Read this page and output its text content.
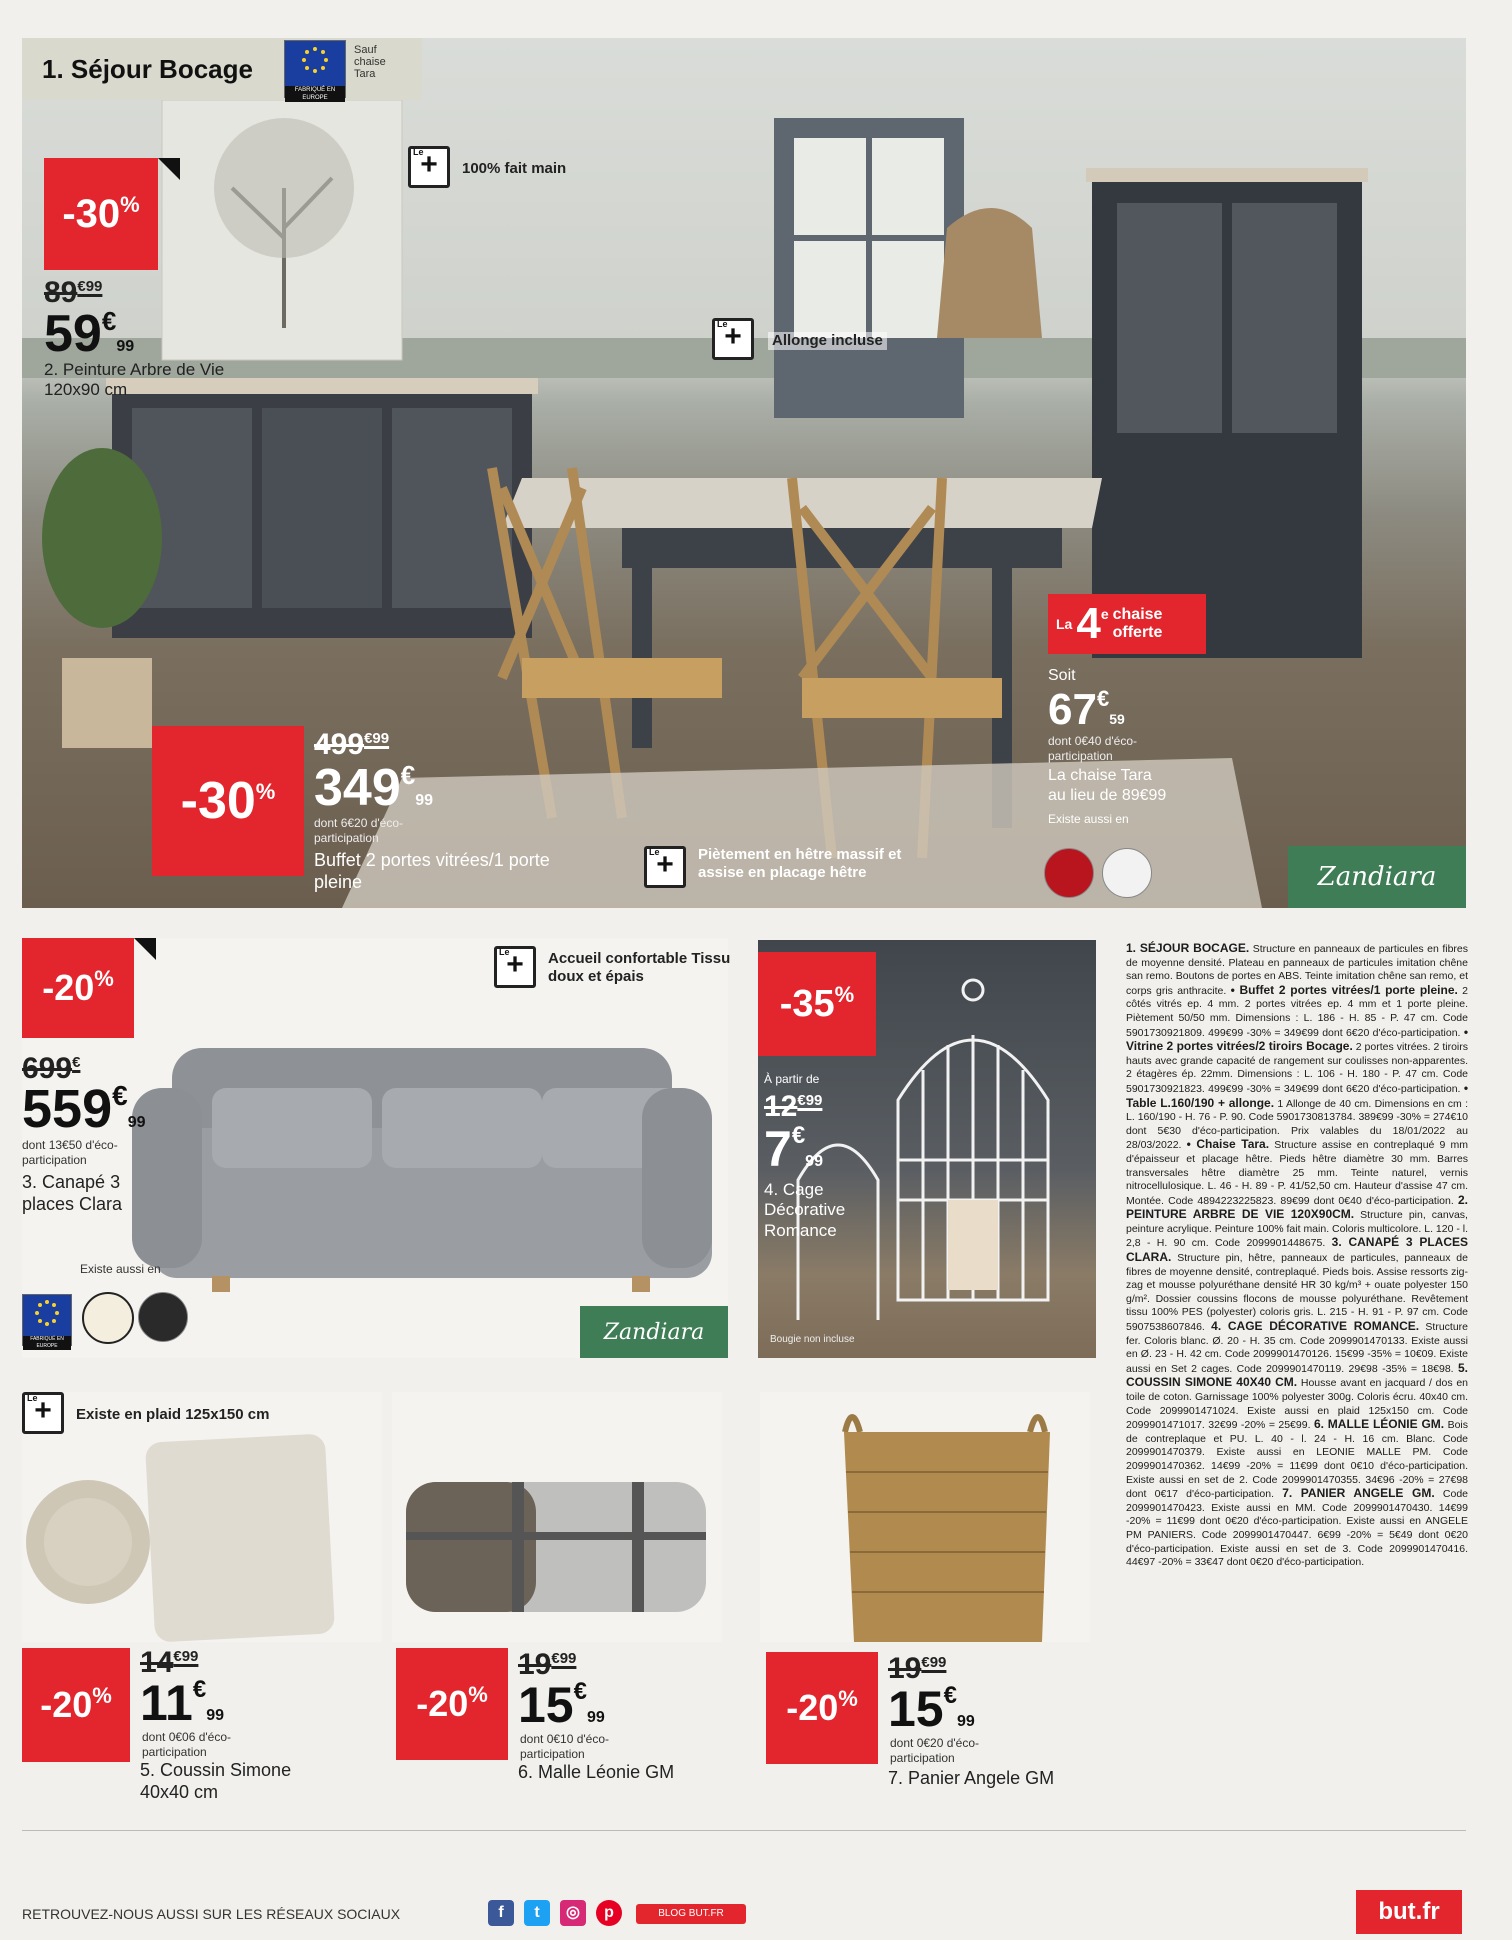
1. Séjour Bocage
FABRIQUÉ EN EUROPE
Sauf chaise Tara
-30 %
$89^{€99}$
59€99
2. Peinture Arbre de Vie 120x90 cm
Le
+	100% fait main
Le
+	Allonge incluse
Le
+	Piètement en hêtre massif et assise en placage hêtre
-30 %
$499^{€99}$
349€99
dont 6€20 d'éco-participation
Buffet 2 portes vitrées/1 porte pleine
La 4 e chaise offerte
Soit
67€59
dont 0€40 d'éco-participation
La chaise Tara
au lieu de 89€99
Existe aussi en
Zandiara
-20 %
699€
559€99
dont 13€50 d'éco-participation
3. Canapé 3 places Clara
Le
+	Accueil confortable Tissu doux et épais
Existe aussi en
FABRIQUÉ EN EUROPE
Zandiara
-35 %
À partir de
$12^{€99}$
7€99
4. Cage Décorative Romance
Bougie non incluse
Le
+	Existe en plaid 125x150 cm
-20 %
$14^{€99}$
11€99
dont 0€06 d'éco-participation
5. Coussin Simone 40x40 cm
-20 %
$19^{€99}$
15€99
dont 0€10 d'éco-participation
6. Malle Léonie GM
-20 %
$19^{€99}$
15€99
dont 0€20 d'éco-participation
7. Panier Angele GM
1. SÉJOUR BOCAGE. Structure en panneaux de particules en fibres de moyenne densité. Plateau en panneaux de particules imitation chêne san remo. Boutons de portes en ABS. Teinte imitation chêne san remo, et corps gris anthracite. • Buffet 2 portes vitrées/1 porte pleine. 2 côtés vitrés ep. 4 mm. 2 portes vitrées ep. 4 mm et 1 porte pleine. Piètement 50/50 mm. Dimensions : L. 186 - H. 85 - P. 47 cm. Code 5901730921809. 499€99 -30% = 349€99 dont 6€20 d'éco-participation. • Vitrine 2 portes vitrées/2 tiroirs Bocage. 2 portes vitrées. 2 tiroirs hauts avec grande capacité de rangement sur coulisses non-apparentes. 2 étagères ép. 22mm. Dimensions : L. 106 - H. 180 - P. 47 cm. Code 5901730921823. 499€99 -30% = 349€99 dont 6€20 d'éco-participation. • Table L.160/190 + allonge. 1 Allonge de 40 cm. Dimensions en cm : L. 160/190 - H. 76 - P. 90. Code 5901730813784. 389€99 -30% = 274€10 dont 5€30 d'éco-participation. Prix valables du 18/01/2022 au 28/03/2022. • Chaise Tara. Structure assise en contreplaqué 9 mm d'épaisseur et placage hêtre. Pieds hêtre diamètre 30 mm. Barres transversales hêtre diamètre 25 mm. Teinte naturel, vernis nitrocellulosique. L. 46 - H. 89 - P. 41/52,50 cm. Hauteur d'assise 47 cm. Montée. Code 4894223225823. 89€99 dont 0€40 d'éco-participation. 2. PEINTURE ARBRE DE VIE 120X90CM. Structure pin, canvas, peinture acrylique. Peinture 100% fait main. Coloris multicolore. L. 120 - l. 2,8 - H. 90 cm. Code 2099901448675. 3. CANAPÉ 3 PLACES CLARA. Structure pin, hêtre, panneaux de particules, panneaux de fibres de moyenne densité, contreplaqué. Pieds bois. Assise ressorts zig-zag et mousse polyuréthane densité HR 30 kg/m³ + ouate polyester 150 g/m². Dossier coussins flocons de mousse polyuréthane. Revêtement tissu 100% PES (polyester) coloris gris. L. 215 - H. 91 - P. 97 cm. Code 5907538607846. 4. CAGE DÉCORATIVE ROMANCE. Structure fer. Coloris blanc. Ø. 20 - H. 35 cm. Code 2099901470133. Existe aussi en Ø. 23 - H. 42 cm. Code 2099901470126. 15€99 -35% = 10€09. Existe aussi en Set 2 cages. Code 2099901470119. 29€98 -35% = 18€98. 5. COUSSIN SIMONE 40X40 CM. Housse avant en jacquard / dos en toile de coton. Garnissage 100% polyester 300g. Coloris écru. 40x40 cm. Code 2099901471024. Existe aussi en plaid 125x150 cm. Code 2099901471017. 32€99 -20% = 25€99. 6. MALLE LÉONIE GM. Bois de contreplaque et PU. L. 40 - l. 24 - H. 16 cm. Blanc. Code 2099901470379. Existe aussi en LEONIE MALLE PM. Code 2099901470362. 14€99 -20% = 11€99 dont 0€10 d'éco-participation. Existe aussi en set de 2. Code 2099901470355. 34€96 -20% = 27€98 dont 0€17 d'éco-participation. 7. PANIER ANGELE GM. Code 2099901470423. Existe aussi en MM. Code 2099901470430. 14€99 -20% = 11€99 dont 0€20 d'éco-participation. Existe aussi en ANGELE PM PANIERS. Code 2099901470447. 6€99 -20% = 5€49 dont 0€20 d'éco-participation. Existe aussi en set de 3. Code 2099901470416. 44€97 -20% = 33€47 dont 0€20 d'éco-participation.
RETROUVEZ-NOUS AUSSI SUR LES RÉSEAUX SOCIAUX	f	t	◎	p	BLOG BUT.FR	but.fr
